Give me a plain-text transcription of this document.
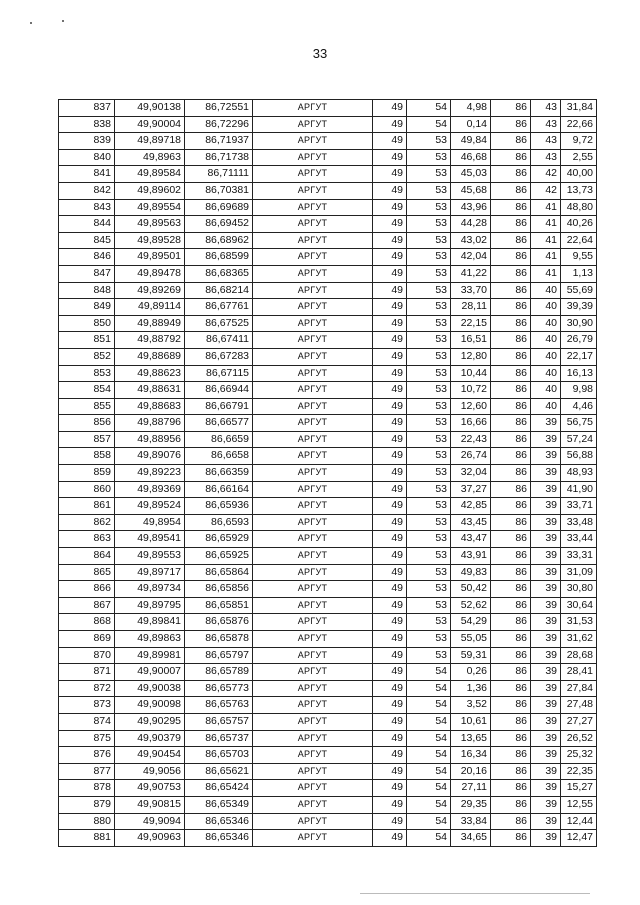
33
837	49,90138	86,72551	АРГУТ	49	54	4,98	86	43	31,84
838	49,90004	86,72296	АРГУТ	49	54	0,14	86	43	22,66
839	49,89718	86,71937	АРГУТ	49	53	49,84	86	43	9,72
840	49,8963	86,71738	АРГУТ	49	53	46,68	86	43	2,55
841	49,89584	86,71111	АРГУТ	49	53	45,03	86	42	40,00
842	49,89602	86,70381	АРГУТ	49	53	45,68	86	42	13,73
843	49,89554	86,69689	АРГУТ	49	53	43,96	86	41	48,80
844	49,89563	86,69452	АРГУТ	49	53	44,28	86	41	40,26
845	49,89528	86,68962	АРГУТ	49	53	43,02	86	41	22,64
846	49,89501	86,68599	АРГУТ	49	53	42,04	86	41	9,55
847	49,89478	86,68365	АРГУТ	49	53	41,22	86	41	1,13
848	49,89269	86,68214	АРГУТ	49	53	33,70	86	40	55,69
849	49,89114	86,67761	АРГУТ	49	53	28,11	86	40	39,39
850	49,88949	86,67525	АРГУТ	49	53	22,15	86	40	30,90
851	49,88792	86,67411	АРГУТ	49	53	16,51	86	40	26,79
852	49,88689	86,67283	АРГУТ	49	53	12,80	86	40	22,17
853	49,88623	86,67115	АРГУТ	49	53	10,44	86	40	16,13
854	49,88631	86,66944	АРГУТ	49	53	10,72	86	40	9,98
855	49,88683	86,66791	АРГУТ	49	53	12,60	86	40	4,46
856	49,88796	86,66577	АРГУТ	49	53	16,66	86	39	56,75
857	49,88956	86,6659	АРГУТ	49	53	22,43	86	39	57,24
858	49,89076	86,6658	АРГУТ	49	53	26,74	86	39	56,88
859	49,89223	86,66359	АРГУТ	49	53	32,04	86	39	48,93
860	49,89369	86,66164	АРГУТ	49	53	37,27	86	39	41,90
861	49,89524	86,65936	АРГУТ	49	53	42,85	86	39	33,71
862	49,8954	86,6593	АРГУТ	49	53	43,45	86	39	33,48
863	49,89541	86,65929	АРГУТ	49	53	43,47	86	39	33,44
864	49,89553	86,65925	АРГУТ	49	53	43,91	86	39	33,31
865	49,89717	86,65864	АРГУТ	49	53	49,83	86	39	31,09
866	49,89734	86,65856	АРГУТ	49	53	50,42	86	39	30,80
867	49,89795	86,65851	АРГУТ	49	53	52,62	86	39	30,64
868	49,89841	86,65876	АРГУТ	49	53	54,29	86	39	31,53
869	49,89863	86,65878	АРГУТ	49	53	55,05	86	39	31,62
870	49,89981	86,65797	АРГУТ	49	53	59,31	86	39	28,68
871	49,90007	86,65789	АРГУТ	49	54	0,26	86	39	28,41
872	49,90038	86,65773	АРГУТ	49	54	1,36	86	39	27,84
873	49,90098	86,65763	АРГУТ	49	54	3,52	86	39	27,48
874	49,90295	86,65757	АРГУТ	49	54	10,61	86	39	27,27
875	49,90379	86,65737	АРГУТ	49	54	13,65	86	39	26,52
876	49,90454	86,65703	АРГУТ	49	54	16,34	86	39	25,32
877	49,9056	86,65621	АРГУТ	49	54	20,16	86	39	22,35
878	49,90753	86,65424	АРГУТ	49	54	27,11	86	39	15,27
879	49,90815	86,65349	АРГУТ	49	54	29,35	86	39	12,55
880	49,9094	86,65346	АРГУТ	49	54	33,84	86	39	12,44
881	49,90963	86,65346	АРГУТ	49	54	34,65	86	39	12,47
